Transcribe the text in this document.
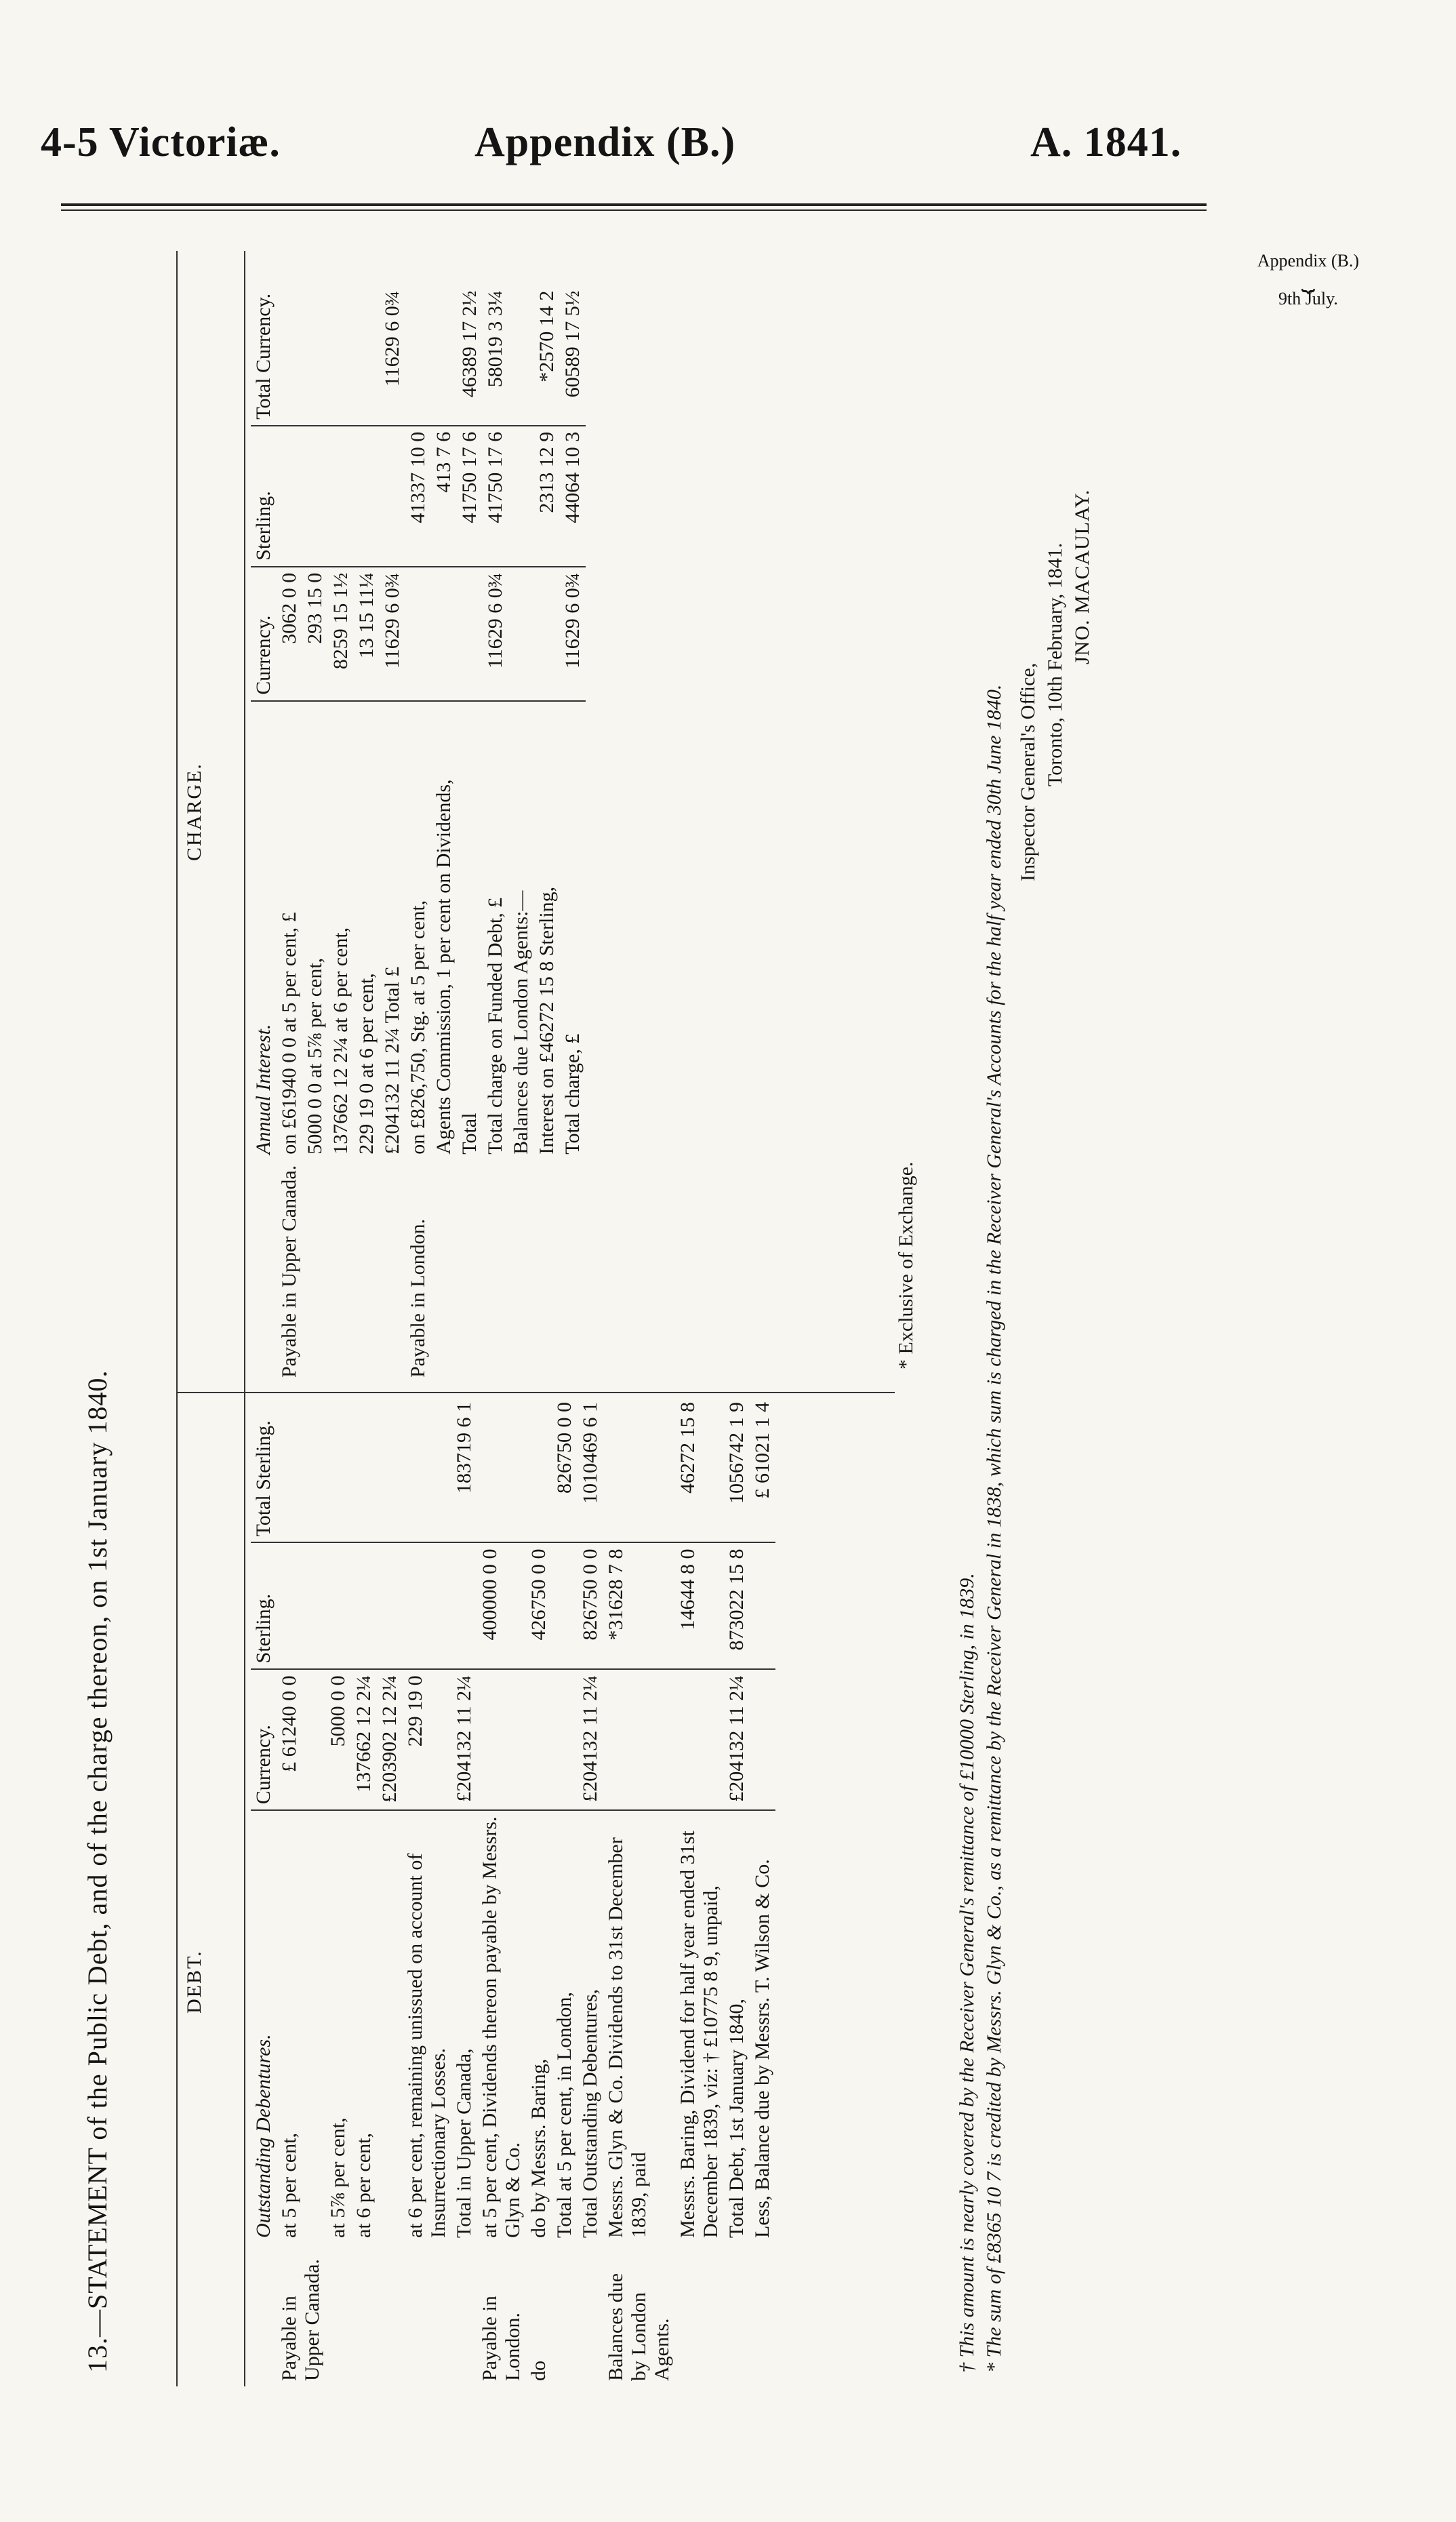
4-5 Victoriæ.	Appendix (B.)	A. 1841.
Appendix (B.)
⏟
9th July.
13.—STATEMENT of the Public Debt, and of the charge thereon, on 1st January 1840.	DEBT.
CHARGE.
	Outstanding Debentures.	Currency.	Sterling.	Total Sterling.
Payable in Upper Canada.	at 5 per cent,	£ 61240 0 0		
	at 5⅞ per cent,	5000 0 0		
	at 6 per cent,	137662 12 2¼		
		£203902 12 2¼		
	at 6 per cent, remaining unissued on account of Insurrectionary Losses.	229 19 0		
	Total in Upper Canada,	£204132 11 2¼		183719 6 1
Payable in London.	at 5 per cent, Dividends thereon payable by Messrs. Glyn & Co.		400000 0 0	
do	do by Messrs. Baring,		426750 0 0	
	Total at 5 per cent, in London,			826750 0 0
	Total Outstanding Debentures,	£204132 11 2¼	826750 0 0	1010469 6 1
Balances due by London Agents.	Messrs. Glyn & Co. Dividends to 31st December 1839, paid		*31628 7 8	
	Messrs. Baring, Dividend for half year ended 31st December 1839, viz: † £10775 8 9, unpaid,		14644 8 0	46272 15 8
	Total Debt, 1st January 1840,	£204132 11 2¼	873022 15 8	1056742 1 9
	Less, Balance due by Messrs. T. Wilson & Co.			£ 61021 1 4
	Annual Interest.	Currency.	Sterling.	Total Currency.
Payable in Upper Canada.	on £61940 0 0 at 5 per cent, £	3062 0 0		
	5000 0 0 at 5⅞ per cent,	293 15 0		
	137662 12 2¼ at 6 per cent,	8259 15 1½		
	229 19 0 at 6 per cent,	13 15 11¼		
	£204132 11 2¼ Total £	11629 6 0¾		11629 6 0¾
Payable in London.	on £826,750, Stg. at 5 per cent,		41337 10 0	
	Agents Commission, 1 per cent on Dividends,		413 7 6	
	Total		41750 17 6	46389 17 2½
	Total charge on Funded Debt, £	11629 6 0¾	41750 17 6	58019 3 3¼
	Balances due London Agents:—			
	Interest on £46272 15 8 Sterling,		2313 12 9	*2570 14 2
	Total charge, £	11629 6 0¾	44064 10 3	60589 17 5½
* Exclusive of Exchange.

† This amount is nearly covered by the Receiver General's remittance of £10000 Sterling, in 1839. * The sum of £8365 10 7 is credited by Messrs. Glyn & Co., as a remittance by the Receiver General in 1838, which sum is charged in the Receiver General's Accounts for the half year ended 30th June 1840. Inspector General's Office, Toronto, 10th February, 1841. JNO. MACAULAY.
